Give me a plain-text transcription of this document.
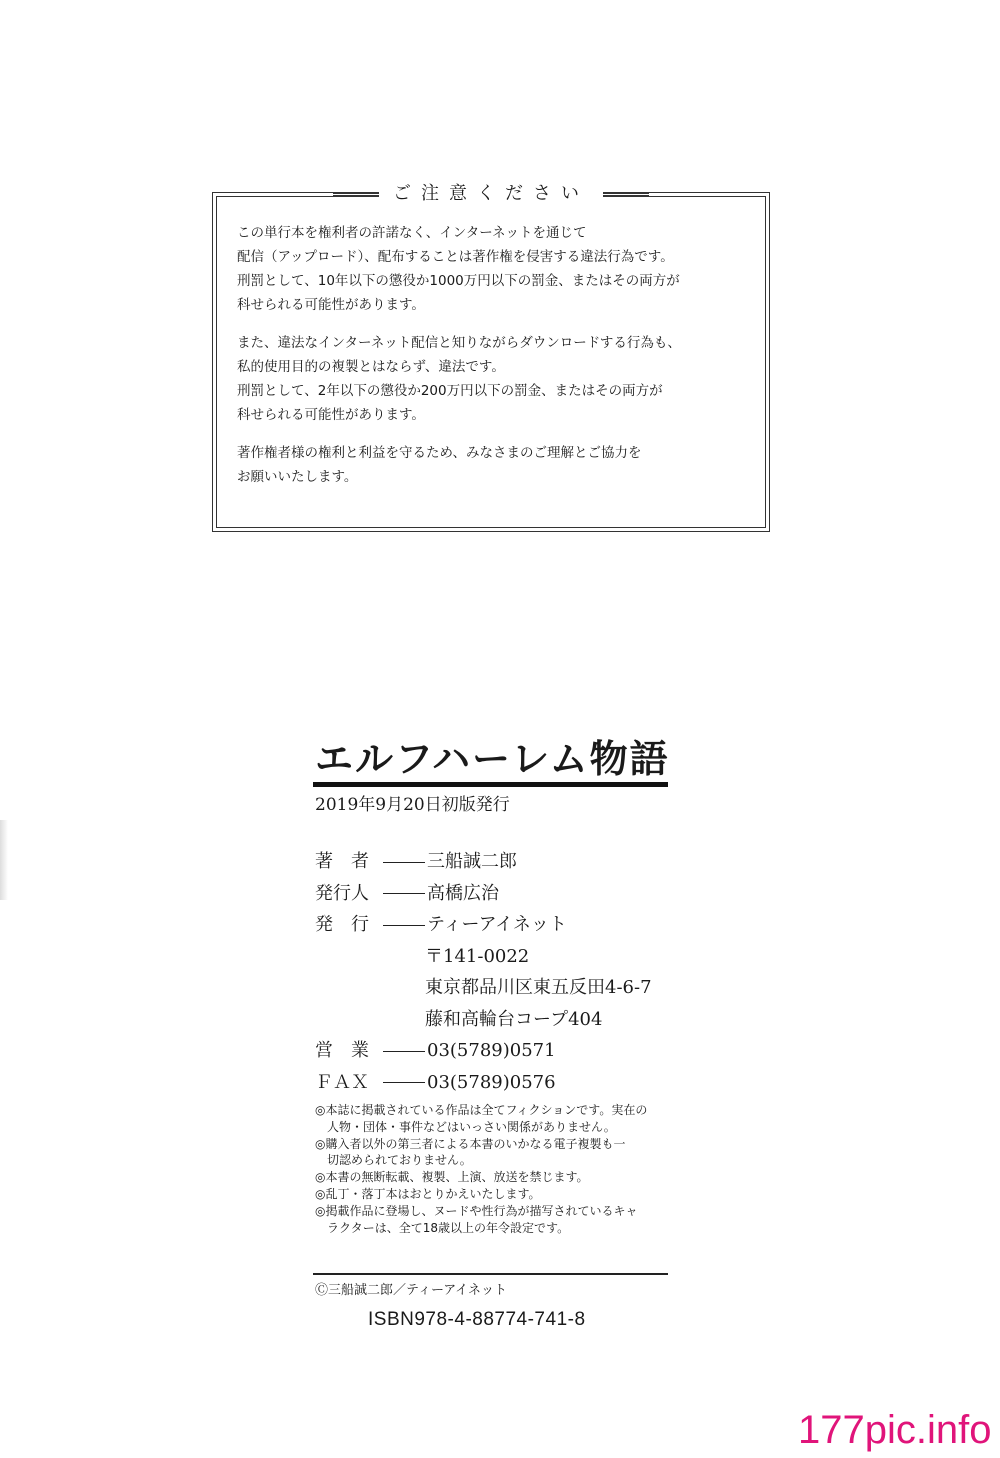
ご注意ください

この単行本を権利者の許諾なく、インターネットを通じて
配信（アップロード）、配布することは著作権を侵害する違法行為です。
刑罰として、10年以下の懲役か1000万円以下の罰金、またはその両方が
科せられる可能性があります。

また、違法なインターネット配信と知りながらダウンロードする行為も、
私的使用目的の複製とはならず、違法です。
刑罰として、2年以下の懲役か200万円以下の罰金、またはその両方が
科せられる可能性があります。

著作権者様の権利と利益を守るため、みなさまのご理解とご協力を
お願いいたします。

エルフハーレム物語
2019年9月20日初版発行
著　者	三船誠二郎
発行人	高橋広治
発　行	ティーアイネット
〒141-0022
東京都品川区東五反田4-6-7
藤和高輪台コープ404
営　業	03(5789)0571
ＦＡＸ	03(5789)0576
◎本誌に掲載されている作品は全てフィクションです。実在の
　人物・団体・事件などはいっさい関係がありません。
◎購入者以外の第三者による本書のいかなる電子複製も一
　切認められておりません。
◎本書の無断転載、複製、上演、放送を禁じます。
◎乱丁・落丁本はおとりかえいたします。
◎掲載作品に登場し、ヌードや性行為が描写されているキャ
　ラクターは、全て18歳以上の年令設定です。
Ⓒ三船誠二郎／ティーアイネット
ISBN978-4-88774-741-8
177pic.info
